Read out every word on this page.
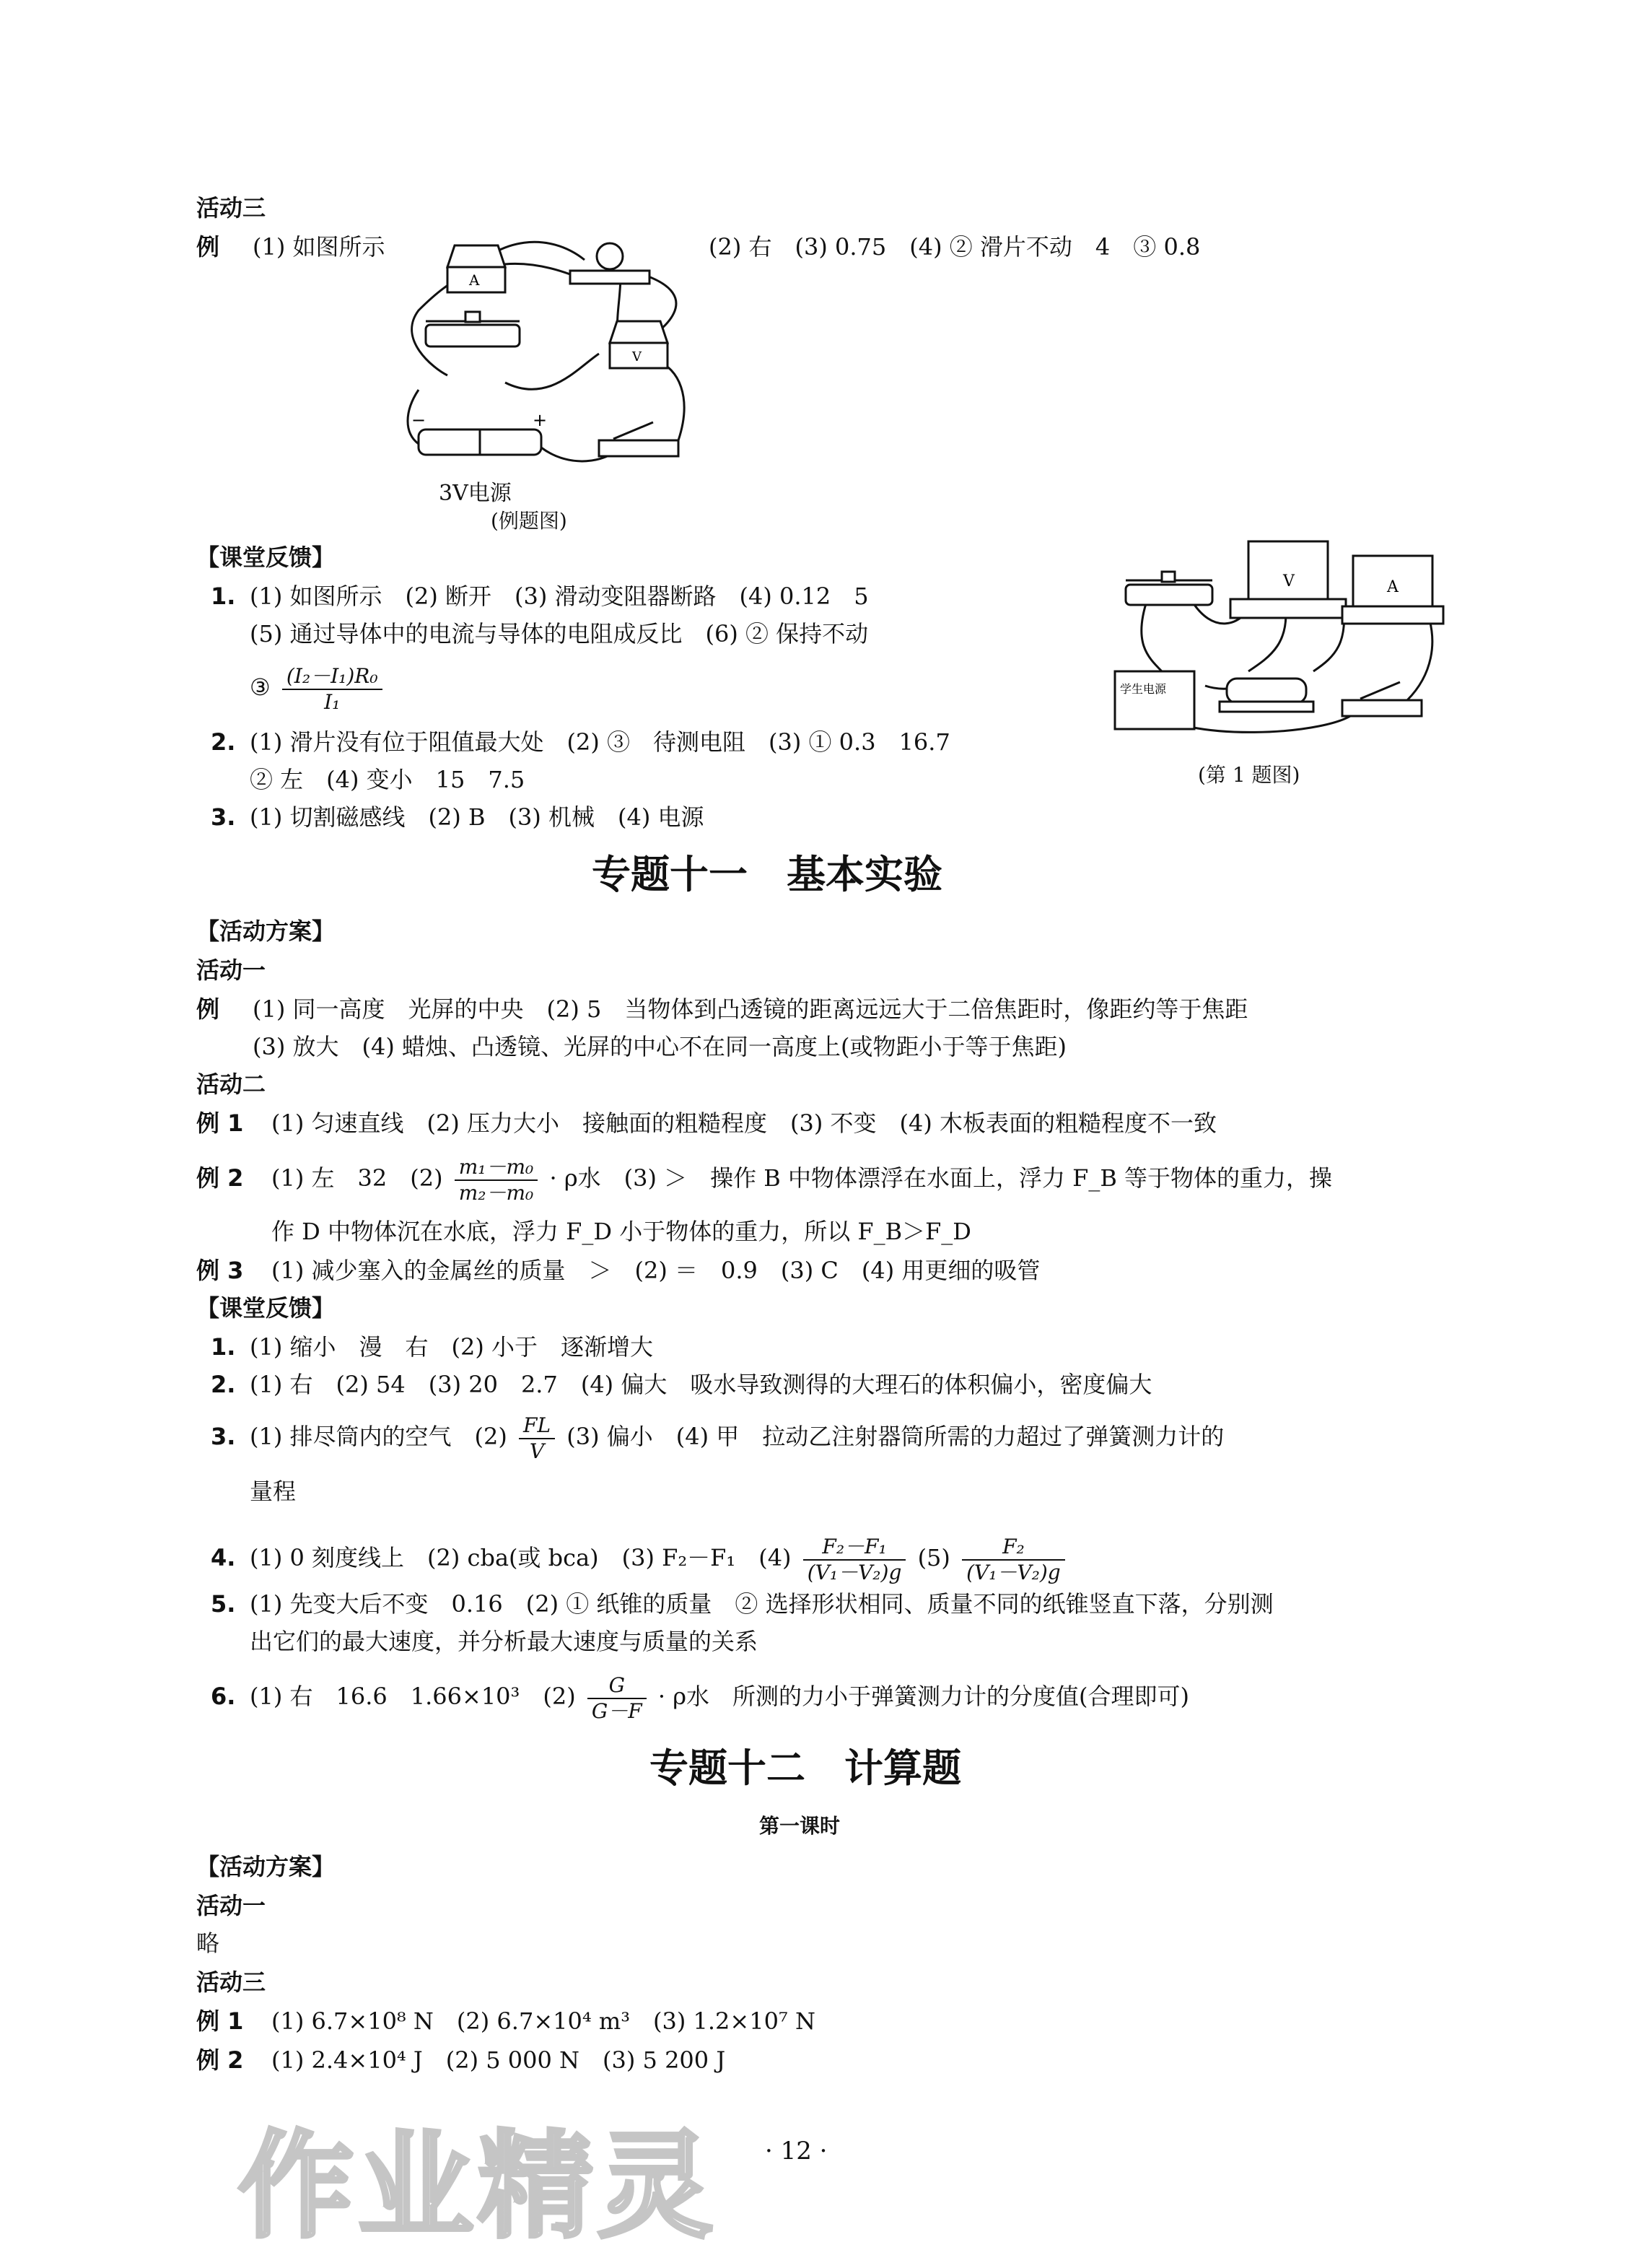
活动三
例 (1) 如图所示	(2) 右　(3) 0.75　(4) ② 滑片不动　4　③ 0.8
A
V
−	+
3V电源
(例题图)
【课堂反馈】
1. (1) 如图所示　(2) 断开　(3) 滑动变阻器断路　(4) 0.12　5
(5) 通过导体中的电流与导体的电阻成反比　(6) ② 保持不动
③ $\frac{\text{(I₂－I₁)R₀}}{\text{I₁}}$
2. (1) 滑片没有位于阻值最大处　(2) ③　待测电阻　(3) ① 0.3　16.7
② 左　(4) 变小　15　7.5
3. (1) 切割磁感线　(2) B　(3) 机械　(4) 电源
V	A
学生电源
(第 1 题图)
专题十一　基本实验
【活动方案】
活动一
例 (1) 同一高度　光屏的中央　(2) 5　当物体到凸透镜的距离远远大于二倍焦距时，像距约等于焦距
(3) 放大　(4) 蜡烛、凸透镜、光屏的中心不在同一高度上(或物距小于等于焦距)
活动二
例 1 (1) 匀速直线　(2) 压力大小　接触面的粗糙程度　(3) 不变　(4) 木板表面的粗糙程度不一致
例 2 (1) 左　32　$(2) \frac{\text{m₁－m₀}}{\text{m₂－m₀}} \cdot \rho$水　(3) ＞　操作 B 中物体漂浮在水面上，浮力 F_B 等于物体的重力，操
作 D 中物体沉在水底，浮力 F_D 小于物体的重力，所以 F_B＞F_D
例 3 (1) 减少塞入的金属丝的质量　＞　(2) ＝　0.9　(3) C　(4) 用更细的吸管
【课堂反馈】
1. (1) 缩小　漫　右　(2) 小于　逐渐增大
2. (1) 右　(2) 54　(3) 20　2.7　(4) 偏大　吸水导致测得的大理石的体积偏小，密度偏大
3. (1) 排尽筒内的空气　$(2) \frac{FL}{V} (3)$ 偏小　(4) 甲　拉动乙注射器筒所需的力超过了弹簧测力计的
量程
4. (1) 0 刻度线上　(2) cba(或 bca)　(3) F₂－F₁　$(4) \frac{\text{F₂－F₁}}{\text{(V₁－V₂)g}} (5) \frac{\text{F₂}}{\text{(V₁－V₂)g}}$
5. (1) 先变大后不变　0.16　(2) ① 纸锥的质量　② 选择形状相同、质量不同的纸锥竖直下落，分别测
出它们的最大速度，并分析最大速度与质量的关系
6. (1) 右　16.6　1.66×10³　$(2) \frac{G}{G-F} \cdot \rho$水　所测的力小于弹簧测力计的分度值(合理即可)
专题十二　计算题
第一课时
【活动方案】
活动一
略
活动三
例 1 (1) 6.7×10⁸ N　(2) 6.7×10⁴ m³　(3) 1.2×10⁷ N
例 2 (1) 2.4×10⁴ J　(2) 5 000 N　(3) 5 200 J
· 12 ·
作业精灵
